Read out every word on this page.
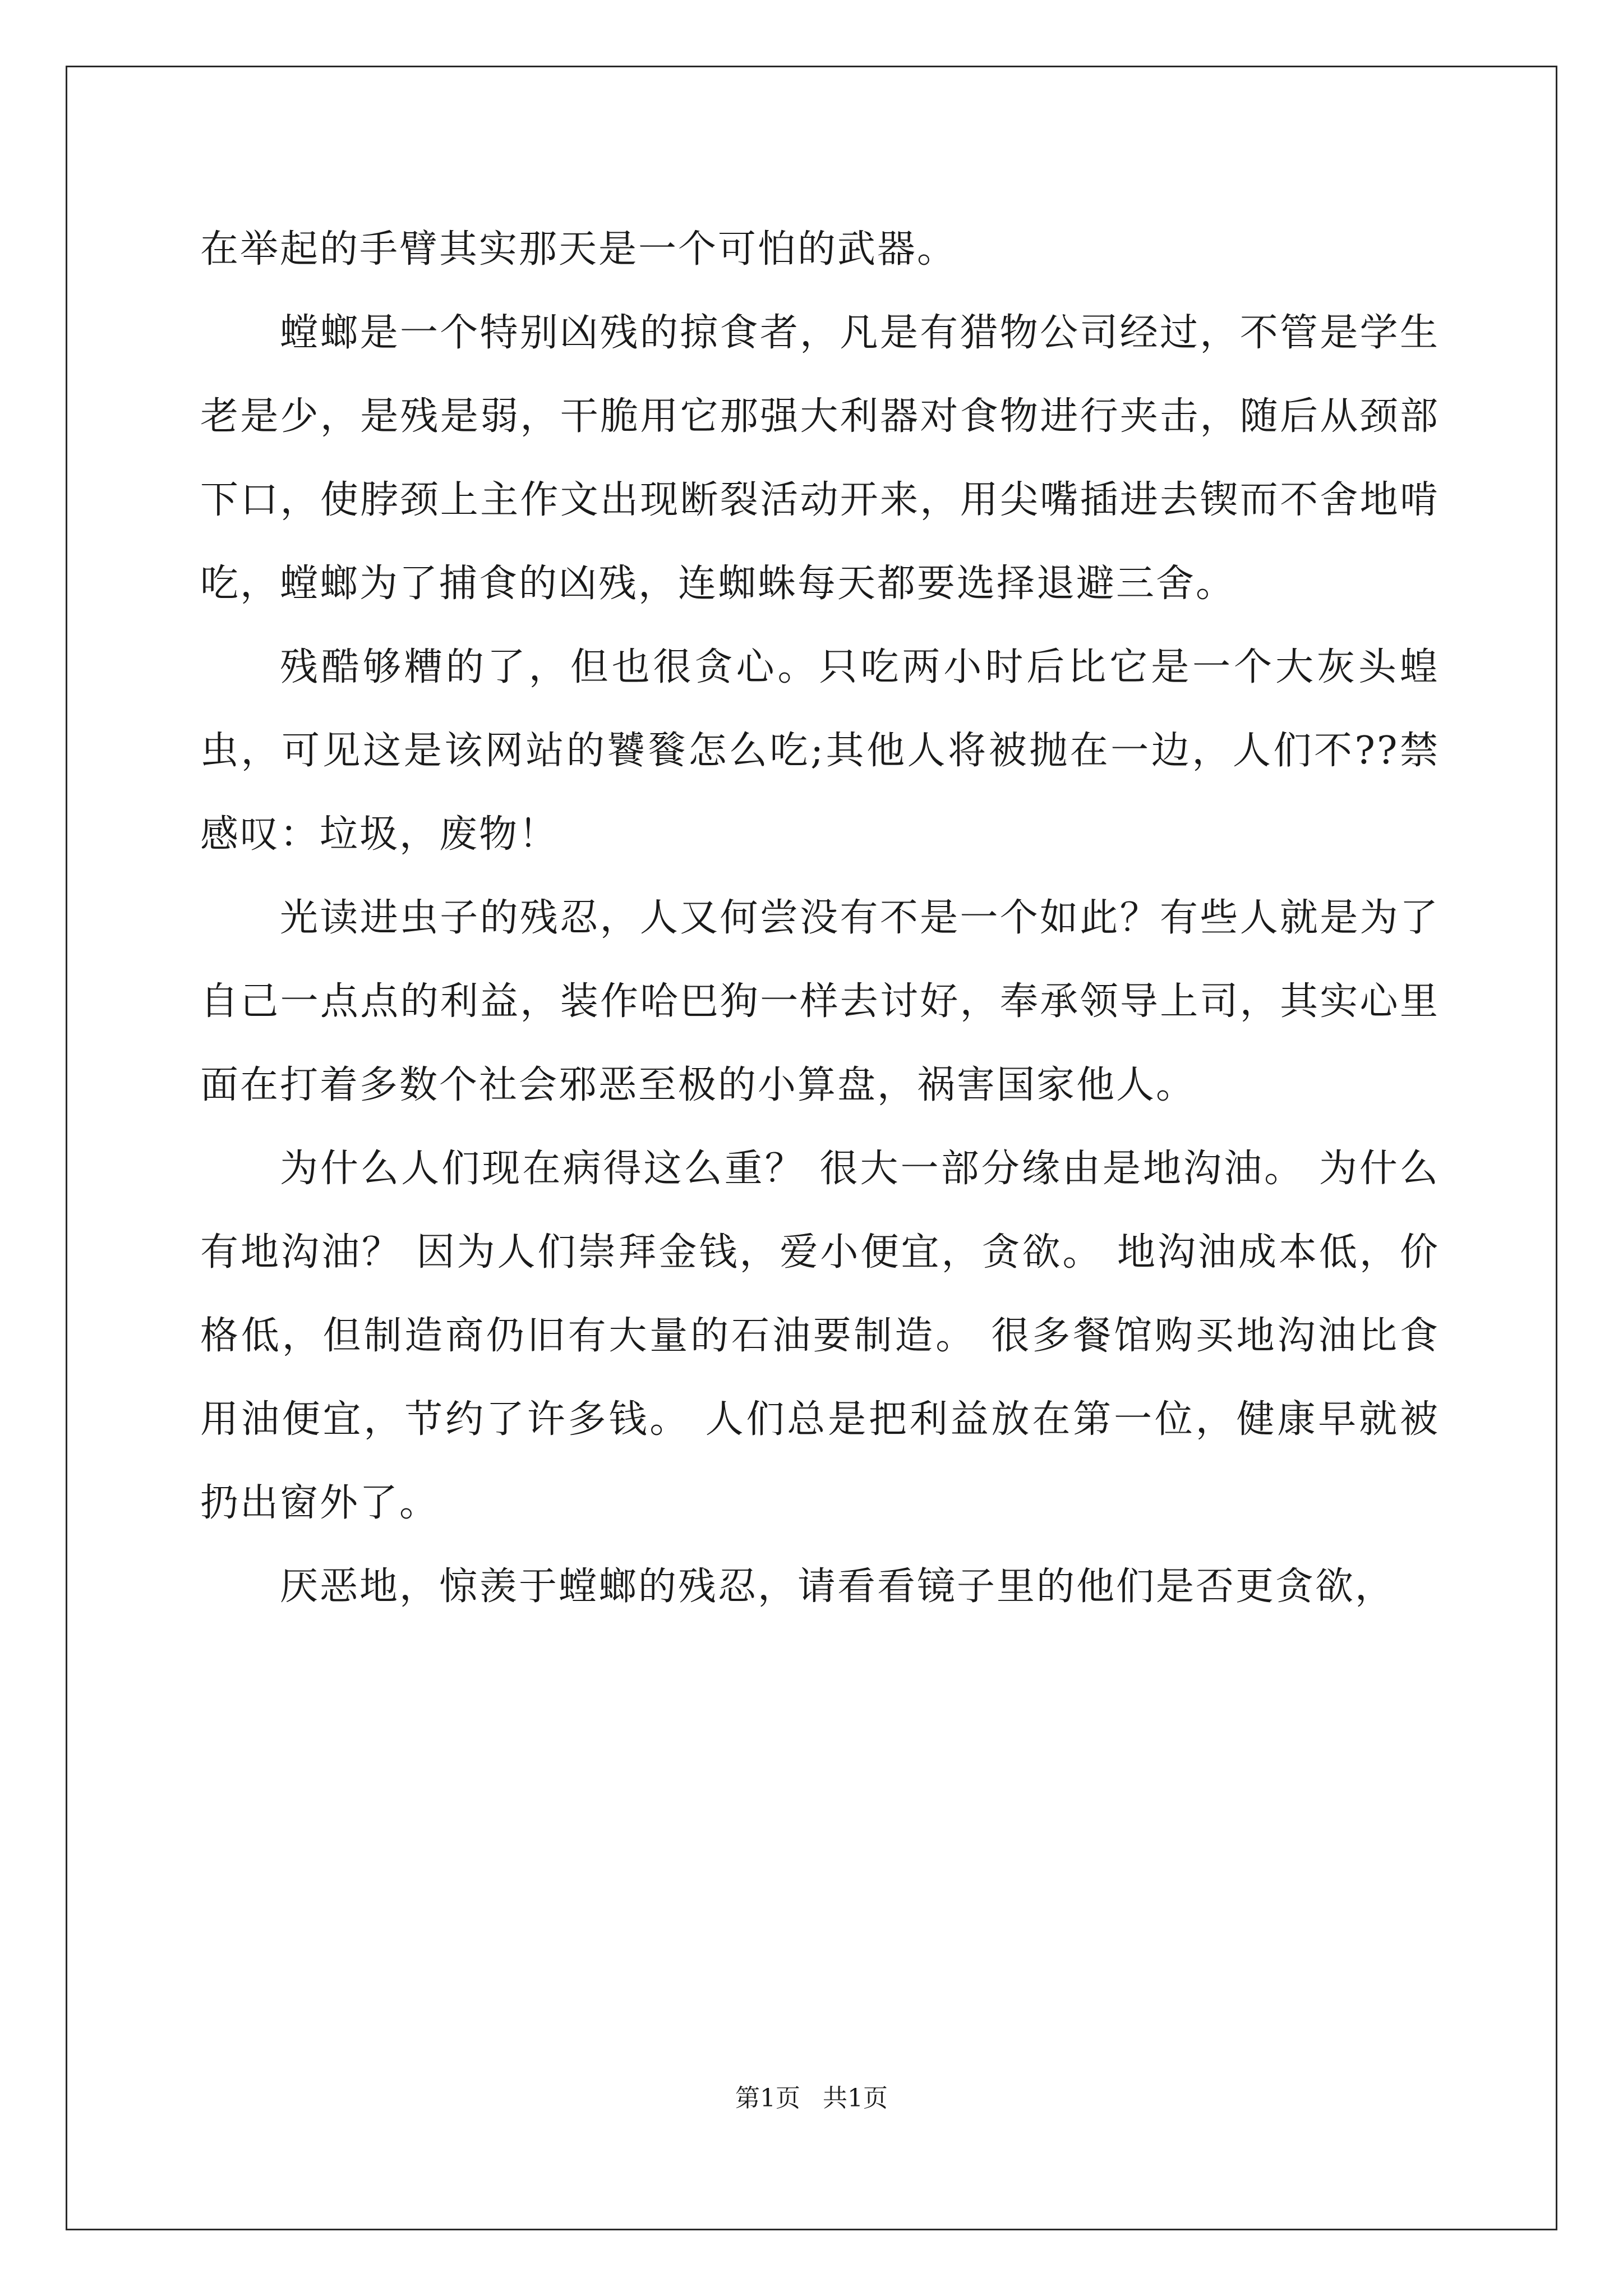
在举起的手臂其实那天是一个可怕的武器。

螳螂是一个特别凶残的掠食者，凡是有猎物公司经过，不管是学生老是少，是残是弱，干脆用它那强大利器对食物进行夹击，随后从颈部下口，使脖颈上主作文出现断裂活动开来，用尖嘴插进去锲而不舍地啃吃，螳螂为了捕食的凶残，连蜘蛛每天都要选择退避三舍。

残酷够糟的了，但也很贪心。只吃两小时后比它是一个大灰头蝗虫，可见这是该网站的饕餮怎么吃;其他人将被抛在一边，人们不??禁感叹：垃圾，废物！

光读进虫子的残忍，人又何尝没有不是一个如此？有些人就是为了自己一点点的利益，装作哈巴狗一样去讨好，奉承领导上司，其实心里面在打着多数个社会邪恶至极的小算盘，祸害国家他人。

为什么人们现在病得这么重？ 很大一部分缘由是地沟油。 为什么有地沟油？ 因为人们崇拜金钱，爱小便宜，贪欲。 地沟油成本低，价格低，但制造商仍旧有大量的石油要制造。 很多餐馆购买地沟油比食用油便宜，节约了许多钱。 人们总是把利益放在第一位，健康早就被扔出窗外了。

厌恶地，惊羡于螳螂的残忍，请看看镜子里的他们是否更贪欲，

第1页 共1页
